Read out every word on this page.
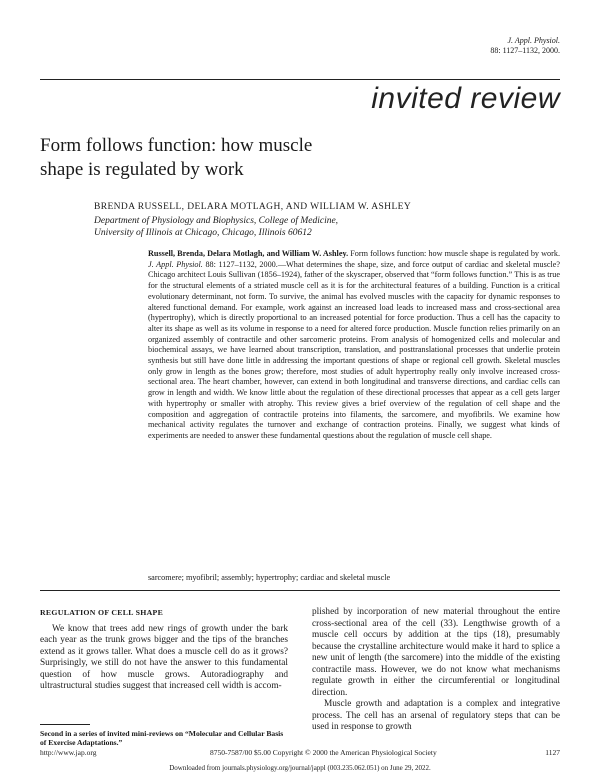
J. Appl. Physiol.
88: 1127–1132, 2000.
invited review
Form follows function: how muscle
shape is regulated by work
BRENDA RUSSELL, DELARA MOTLAGH, AND WILLIAM W. ASHLEY
Department of Physiology and Biophysics, College of Medicine,
University of Illinois at Chicago, Chicago, Illinois 60612
Russell, Brenda, Delara Motlagh, and William W. Ashley. Form follows function: how muscle shape is regulated by work. J. Appl. Physiol. 88: 1127–1132, 2000.—What determines the shape, size, and force output of cardiac and skeletal muscle? Chicago architect Louis Sullivan (1856–1924), father of the skyscraper, observed that “form follows function.” This is as true for the structural elements of a striated muscle cell as it is for the architectural features of a building. Function is a critical evolutionary determinant, not form. To survive, the animal has evolved muscles with the capacity for dynamic responses to altered functional demand. For example, work against an increased load leads to increased mass and cross-sectional area (hypertrophy), which is directly proportional to an increased potential for force production. Thus a cell has the capacity to alter its shape as well as its volume in response to a need for altered force production. Muscle function relies primarily on an organized assembly of contractile and other sarcomeric proteins. From analysis of homogenized cells and molecular and biochemical assays, we have learned about transcription, translation, and posttranslational processes that underlie protein synthesis but still have done little in addressing the important questions of shape or regional cell growth. Skeletal muscles only grow in length as the bones grow; therefore, most studies of adult hypertrophy really only involve increased cross-sectional area. The heart chamber, however, can extend in both longitudinal and transverse directions, and cardiac cells can grow in length and width. We know little about the regulation of these directional processes that appear as a cell gets larger with hypertrophy or smaller with atrophy. This review gives a brief overview of the regulation of cell shape and the composition and aggregation of contractile proteins into filaments, the sarcomere, and myofibrils. We examine how mechanical activity regulates the turnover and exchange of contraction proteins. Finally, we suggest what kinds of experiments are needed to answer these fundamental questions about the regulation of muscle cell shape.
sarcomere; myofibril; assembly; hypertrophy; cardiac and skeletal muscle
REGULATION OF CELL SHAPE

We know that trees add new rings of growth under the bark each year as the trunk grows bigger and the tips of the branches extend as it grows taller. What does a muscle cell do as it grows? Surprisingly, we still do not have the answer to this fundamental question of how muscle grows. Autoradiography and ultrastructural studies suggest that increased cell width is accom-

plished by incorporation of new material throughout the entire cross-sectional area of the cell (33). Lengthwise growth of a muscle cell occurs by addition at the tips (18), presumably because the crystalline architecture would make it hard to splice a new unit of length (the sarcomere) into the middle of the existing contractile mass. However, we do not know what mechanisms regulate growth in either the circumferential or longitudinal direction.

Muscle growth and adaptation is a complex and integrative process. The cell has an arsenal of regulatory steps that can be used in response to growth

Second in a series of invited mini-reviews on “Molecular and Cellular Basis of Exercise Adaptations.”
http://www.jap.org	8750-7587/00 $5.00 Copyright © 2000 the American Physiological Society	1127
Downloaded from journals.physiology.org/journal/jappl (003.235.062.051) on June 29, 2022.
